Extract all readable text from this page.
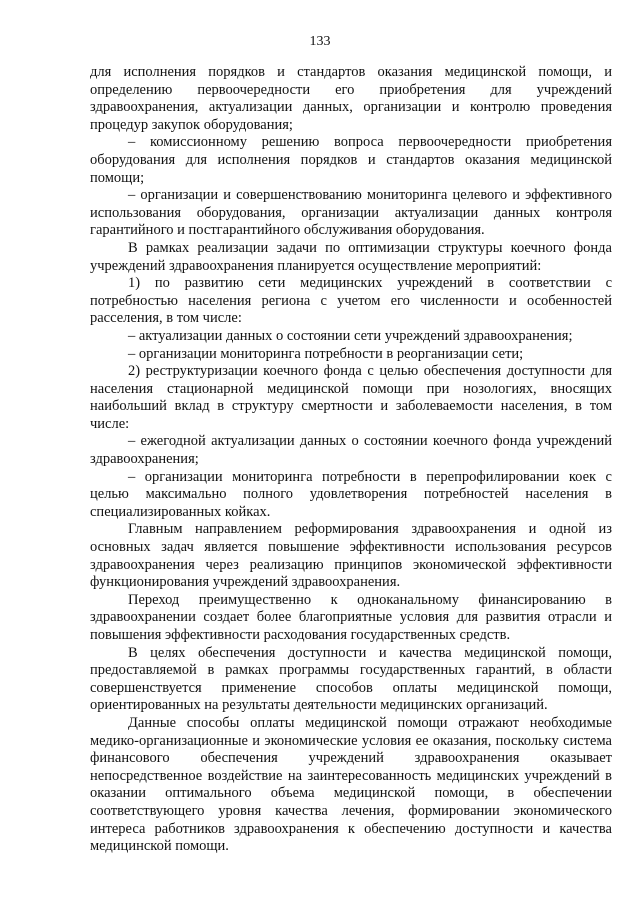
133

для исполнения порядков и стандартов оказания медицинской помощи, и определению первоочередности его приобретения для учреждений здравоохранения, актуализации данных, организации и контролю проведения процедур закупок оборудования;

– комиссионному решению вопроса первоочередности приобретения оборудования для исполнения порядков и стандартов оказания медицинской помощи;

– организации и совершенствованию мониторинга целевого и эффективного использования оборудования, организации актуализации данных контроля гарантийного и постгарантийного обслуживания оборудования.

В рамках реализации задачи по оптимизации структуры коечного фонда учреждений здравоохранения планируется осуществление мероприятий:

1) по развитию сети медицинских учреждений в соответствии с потребностью населения региона с учетом его численности и особенностей расселения, в том числе:

– актуализации данных о состоянии сети учреждений здравоохранения;

– организации мониторинга потребности в реорганизации сети;

2) реструктуризации коечного фонда с целью обеспечения доступности для населения стационарной медицинской помощи при нозологиях, вносящих наибольший вклад в структуру смертности и заболеваемости населения, в том числе:

– ежегодной актуализации данных о состоянии коечного фонда учреждений здравоохранения;

– организации мониторинга потребности в перепрофилировании коек с целью максимально полного удовлетворения потребностей населения в специализированных койках.

Главным направлением реформирования здравоохранения и одной из основных задач является повышение эффективности использования ресурсов здравоохранения через реализацию принципов экономической эффективности функционирования учреждений здравоохранения.

Переход преимущественно к одноканальному финансированию в здравоохранении создает более благоприятные условия для развития отрасли и повышения эффективности расходования государственных средств.

В целях обеспечения доступности и качества медицинской помощи, предоставляемой в рамках программы государственных гарантий, в области совершенствуется применение способов оплаты медицинской помощи, ориентированных на результаты деятельности медицинских организаций.

Данные способы оплаты медицинской помощи отражают необходимые медико-организационные и экономические условия ее оказания, поскольку система финансового обеспечения учреждений здравоохранения оказывает непосредственное воздействие на заинтересованность медицинских учреждений в оказании оптимального объема медицинской помощи, в обеспечении соответствующего уровня качества лечения, формировании экономического интереса работников здравоохранения к обеспечению доступности и качества медицинской помощи.
